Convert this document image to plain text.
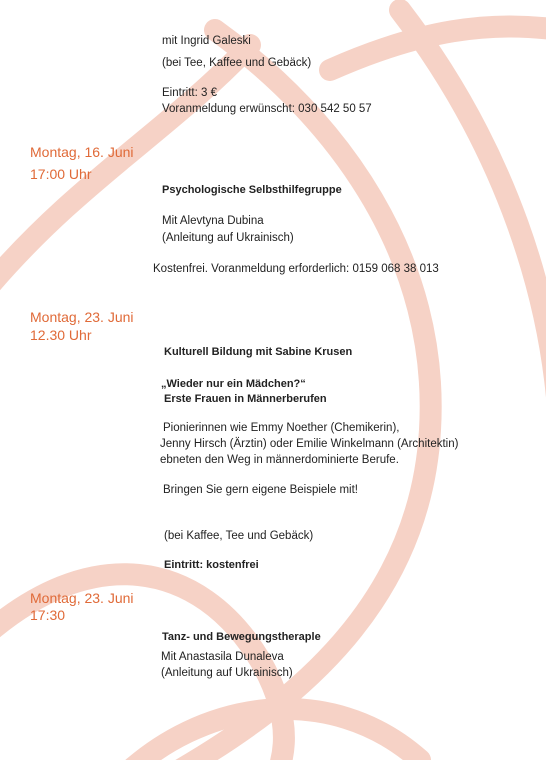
mit Ingrid Galeski
(bei Tee, Kaffee und Gebäck)
Eintritt: 3 €
Voranmeldung erwünscht: 030 542 50 57
Montag, 16. Juni
17:00 Uhr
Psychologische Selbsthilfegruppe
Mit Alevtyna Dubina
(Anleitung auf Ukrainisch)
Kostenfrei. Voranmeldung erforderlich: 0159 068 38 013
Montag, 23. Juni
12.30 Uhr
Kulturell Bildung mit Sabine Krusen
„Wieder nur ein Mädchen?“
Erste Frauen in Männerberufen
Pionierinnen wie Emmy Noether (Chemikerin),
Jenny Hirsch (Ärztin) oder Emilie Winkelmann (Architektin)
ebneten den Weg in männerdominierte Berufe.
Bringen Sie gern eigene Beispiele mit!
(bei Kaffee, Tee und Gebäck)
Eintritt: kostenfrei
Montag, 23. Juni
17:30
Tanz- und Bewegungstheraple
Mit Anastasila Dunaleva
(Anleitung auf Ukrainisch)
